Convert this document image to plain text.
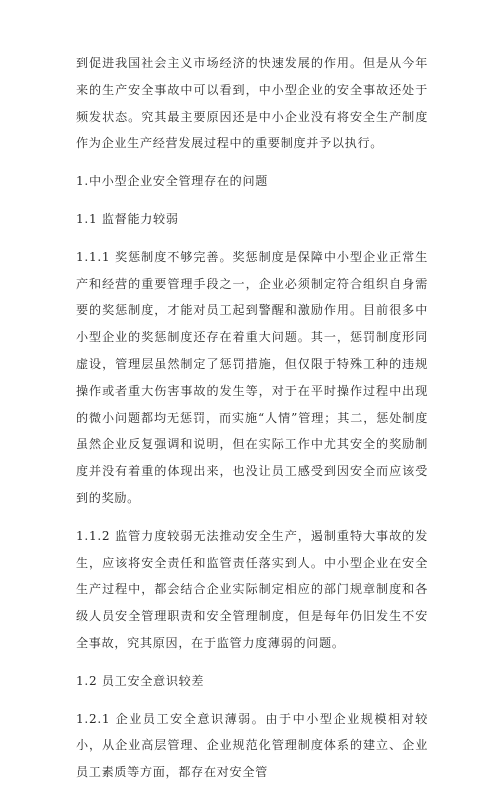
到促进我国社会主义市场经济的快速发展的作用。但是从今年来的生产安全事故中可以看到，中小型企业的安全事故还处于频发状态。究其最主要原因还是中小企业没有将安全生产制度作为企业生产经营发展过程中的重要制度并予以执行。

1.中小型企业安全管理存在的问题

1.1 监督能力较弱

1.1.1 奖惩制度不够完善。奖惩制度是保障中小型企业正常生产和经营的重要管理手段之一，企业必须制定符合组织自身需要的奖惩制度，才能对员工起到警醒和激励作用。目前很多中小型企业的奖惩制度还存在着重大问题。其一，惩罚制度形同虚设，管理层虽然制定了惩罚措施，但仅限于特殊工种的违规操作或者重大伤害事故的发生等，对于在平时操作过程中出现的微小问题都均无惩罚，而实施“人情”管理；其二，惩处制度虽然企业反复强调和说明，但在实际工作中尤其安全的奖励制度并没有着重的体现出来，也没让员工感受到因安全而应该受到的奖励。

1.1.2 监管力度较弱无法推动安全生产，遏制重特大事故的发生，应该将安全责任和监管责任落实到人。中小型企业在安全生产过程中，都会结合企业实际制定相应的部门规章制度和各级人员安全管理职责和安全管理制度，但是每年仍旧发生不安全事故，究其原因，在于监管力度薄弱的问题。

1.2 员工安全意识较差

1.2.1 企业员工安全意识薄弱。由于中小型企业规模相对较小，从企业高层管理、企业规范化管理制度体系的建立、企业员工素质等方面，都存在对安全管
